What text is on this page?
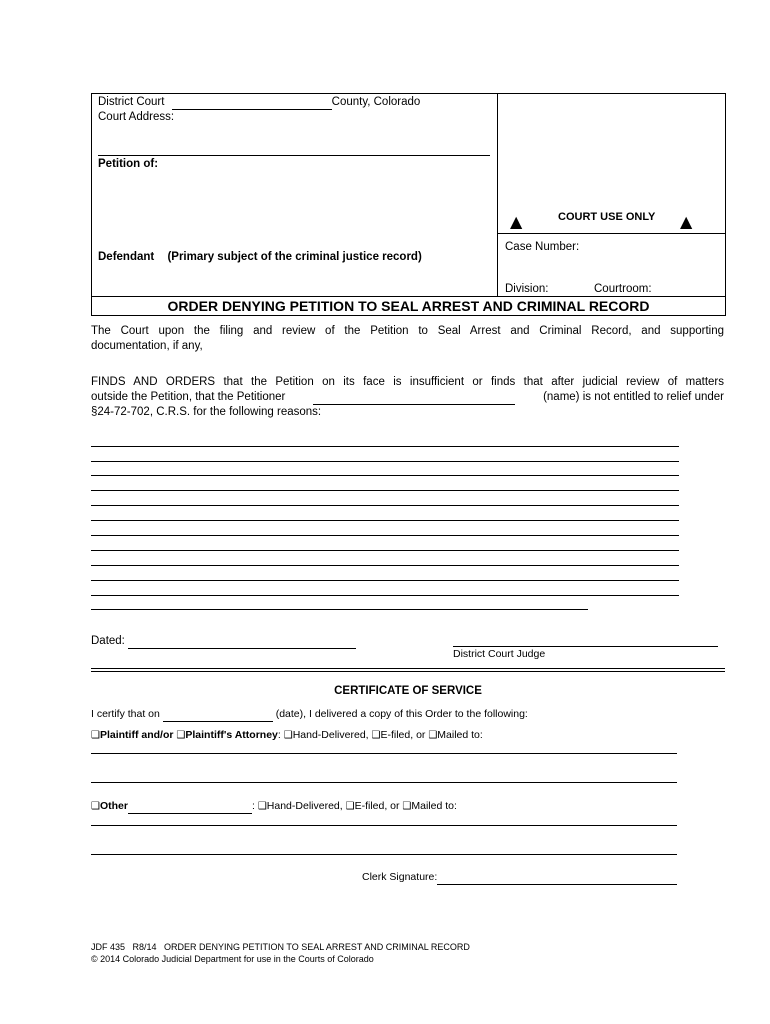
District Court	County, Colorado
Court Address:
Petition of:
Defendant (Primary subject of the criminal justice record)
▲	COURT USE ONLY ▲
Case Number:
Division:	Courtroom:
ORDER DENYING PETITION TO SEAL ARREST AND CRIMINAL RECORD
The Court upon the filing and review of the Petition to Seal Arrest and Criminal Record, and supporting
documentation, if any,
FINDS AND ORDERS that the Petition on its face is insufficient or finds that after judicial review of matters
outside the Petition, that the Petitioner
	(name) is not entitled to relief under
§24-72-702, C.R.S. for the following reasons:
Dated:
District Court Judge
CERTIFICATE OF SERVICE
I certify that on	(date), I delivered a copy of this Order to the following:
❑Plaintiff and/or ❑Plaintiff's Attorney: ❑Hand-Delivered, ❑E-filed, or ❑Mailed to:
❑Other	: ❑Hand-Delivered, ❑E-filed, or ❑Mailed to:
Clerk Signature:
JDF 435   R8/14   ORDER DENYING PETITION TO SEAL ARREST AND CRIMINAL RECORD
© 2014 Colorado Judicial Department for use in the Courts of Colorado
